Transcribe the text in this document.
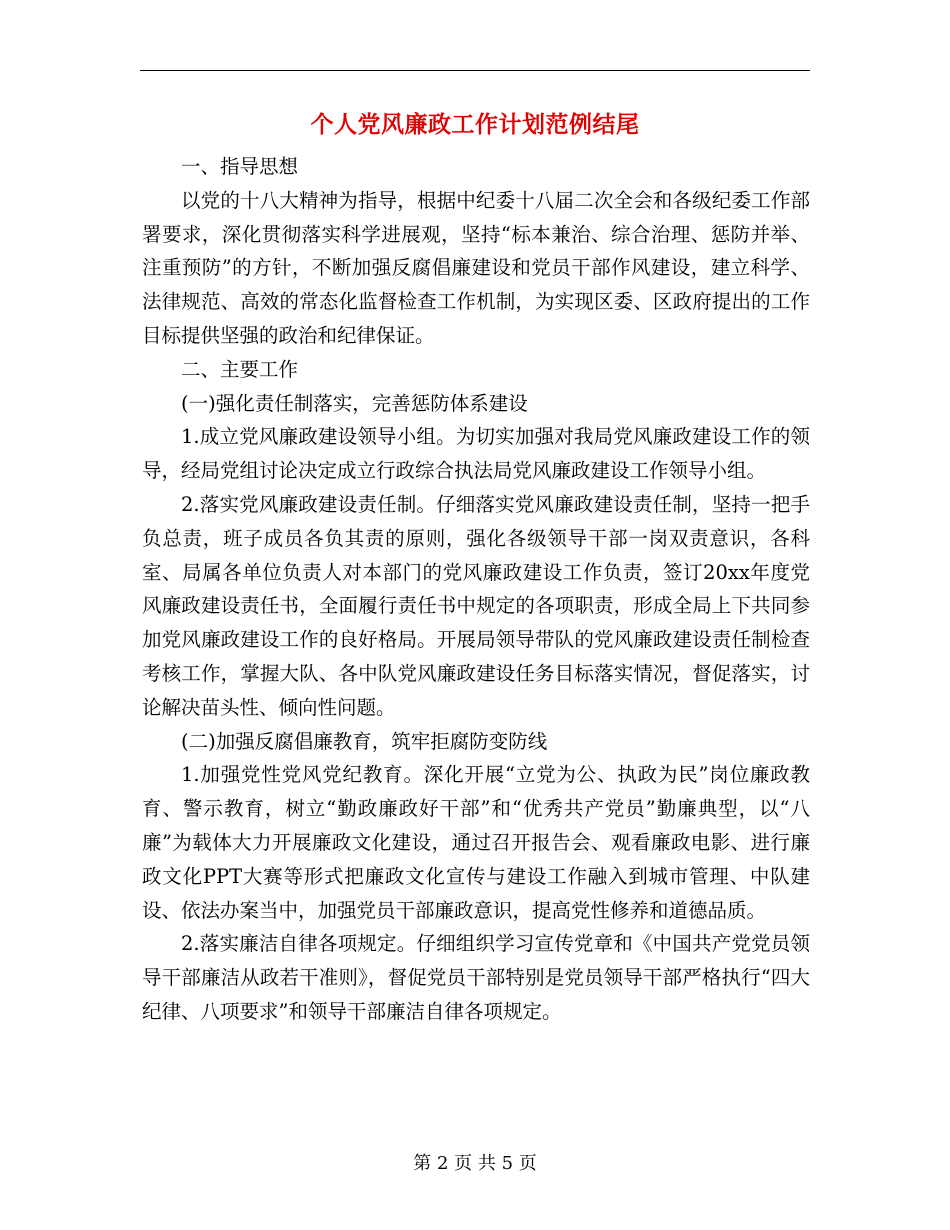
个人党风廉政工作计划范例结尾

一、指导思想

以党的十八大精神为指导，根据中纪委十八届二次全会和各级纪委工作部署要求，深化贯彻落实科学进展观，坚持“标本兼治、综合治理、惩防并举、注重预防”的方针，不断加强反腐倡廉建设和党员干部作风建设，建立科学、法律规范、高效的常态化监督检查工作机制，为实现区委、区政府提出的工作目标提供坚强的政治和纪律保证。

二、主要工作

(一)强化责任制落实，完善惩防体系建设

1.成立党风廉政建设领导小组。为切实加强对我局党风廉政建设工作的领导，经局党组讨论决定成立行政综合执法局党风廉政建设工作领导小组。

2.落实党风廉政建设责任制。仔细落实党风廉政建设责任制，坚持一把手负总责，班子成员各负其责的原则，强化各级领导干部一岗双责意识，各科室、局属各单位负责人对本部门的党风廉政建设工作负责，签订20xx年度党风廉政建设责任书，全面履行责任书中规定的各项职责，形成全局上下共同参加党风廉政建设工作的良好格局。开展局领导带队的党风廉政建设责任制检查考核工作，掌握大队、各中队党风廉政建设任务目标落实情况，督促落实，讨论解决苗头性、倾向性问题。

(二)加强反腐倡廉教育，筑牢拒腐防变防线

1.加强党性党风党纪教育。深化开展“立党为公、执政为民”岗位廉政教育、警示教育，树立“勤政廉政好干部”和“优秀共产党员”勤廉典型，以“八廉”为载体大力开展廉政文化建设，通过召开报告会、观看廉政电影、进行廉政文化PPT大赛等形式把廉政文化宣传与建设工作融入到城市管理、中队建设、依法办案当中，加强党员干部廉政意识，提高党性修养和道德品质。

2.落实廉洁自律各项规定。仔细组织学习宣传党章和《中国共产党党员领导干部廉洁从政若干准则》，督促党员干部特别是党员领导干部严格执行“四大纪律、八项要求”和领导干部廉洁自律各项规定。

第 2 页 共 5 页
